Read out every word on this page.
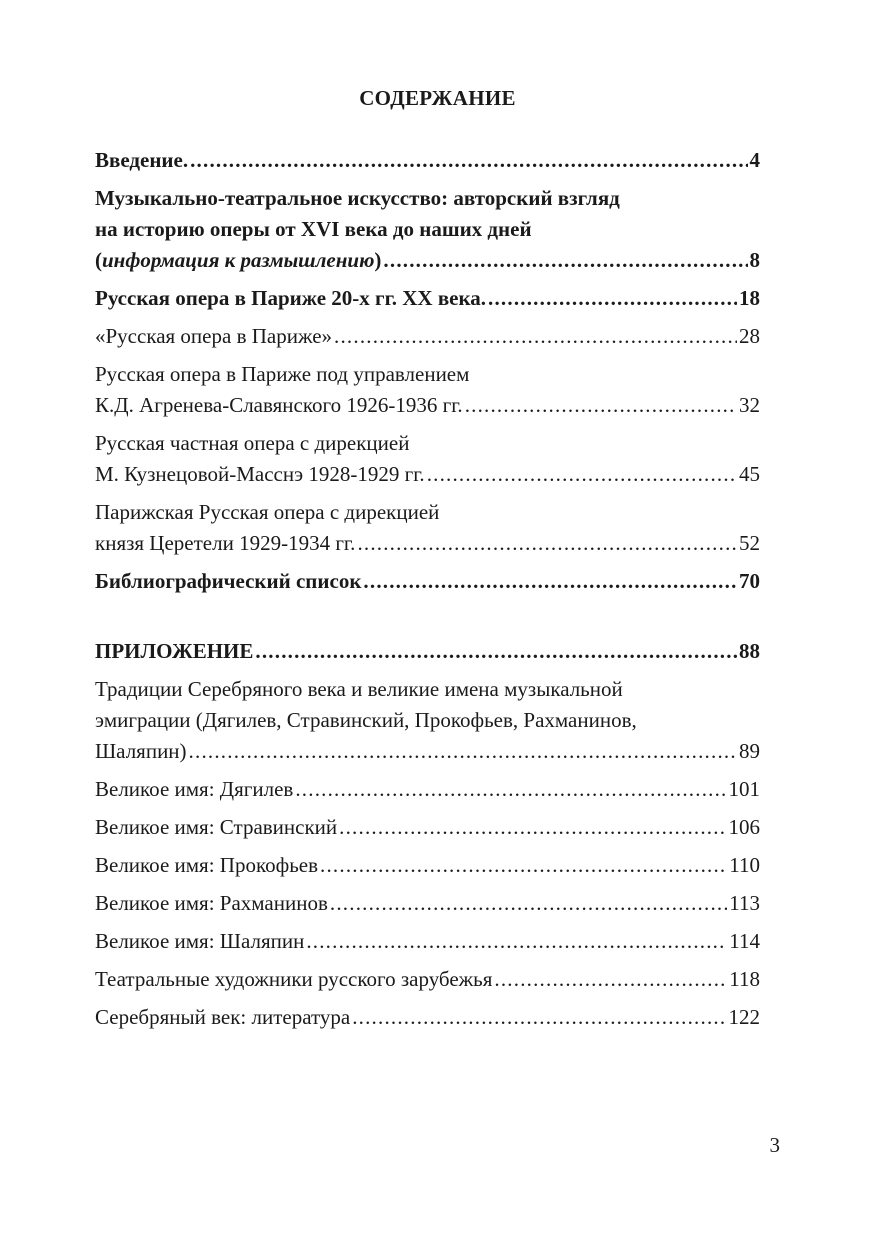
СОДЕРЖАНИЕ
Введение. .....	4
Музыкально-театральное искусство: авторский взгляд
на историю оперы от XVI века до наших дней
(информация к размышлению) .....	8
Русская опера в Париже 20-х гг. XX века. .....	18
«Русская опера в Париже» .....	28
Русская опера в Париже под управлением
К.Д. Агренева-Славянского 1926-1936 гг. .....	32
Русская частная опера с дирекцией
М. Кузнецовой-Масснэ 1928-1929 гг. .....	45
Парижская Русская опера с дирекцией
князя Церетели 1929-1934 гг. .....	52
Библиографический список .....	70
ПРИЛОЖЕНИЕ .....	88
Традиции Серебряного века и великие имена музыкальной
эмиграции (Дягилев, Стравинский, Прокофьев, Рахманинов,
Шаляпин) .....	89
Великое имя: Дягилев .....	101
Великое имя: Стравинский .....	106
Великое имя: Прокофьев .....	110
Великое имя: Рахманинов .....	113
Великое имя: Шаляпин .....	114
Театральные художники русского зарубежья .....	118
Серебряный век: литература .....	122
3
